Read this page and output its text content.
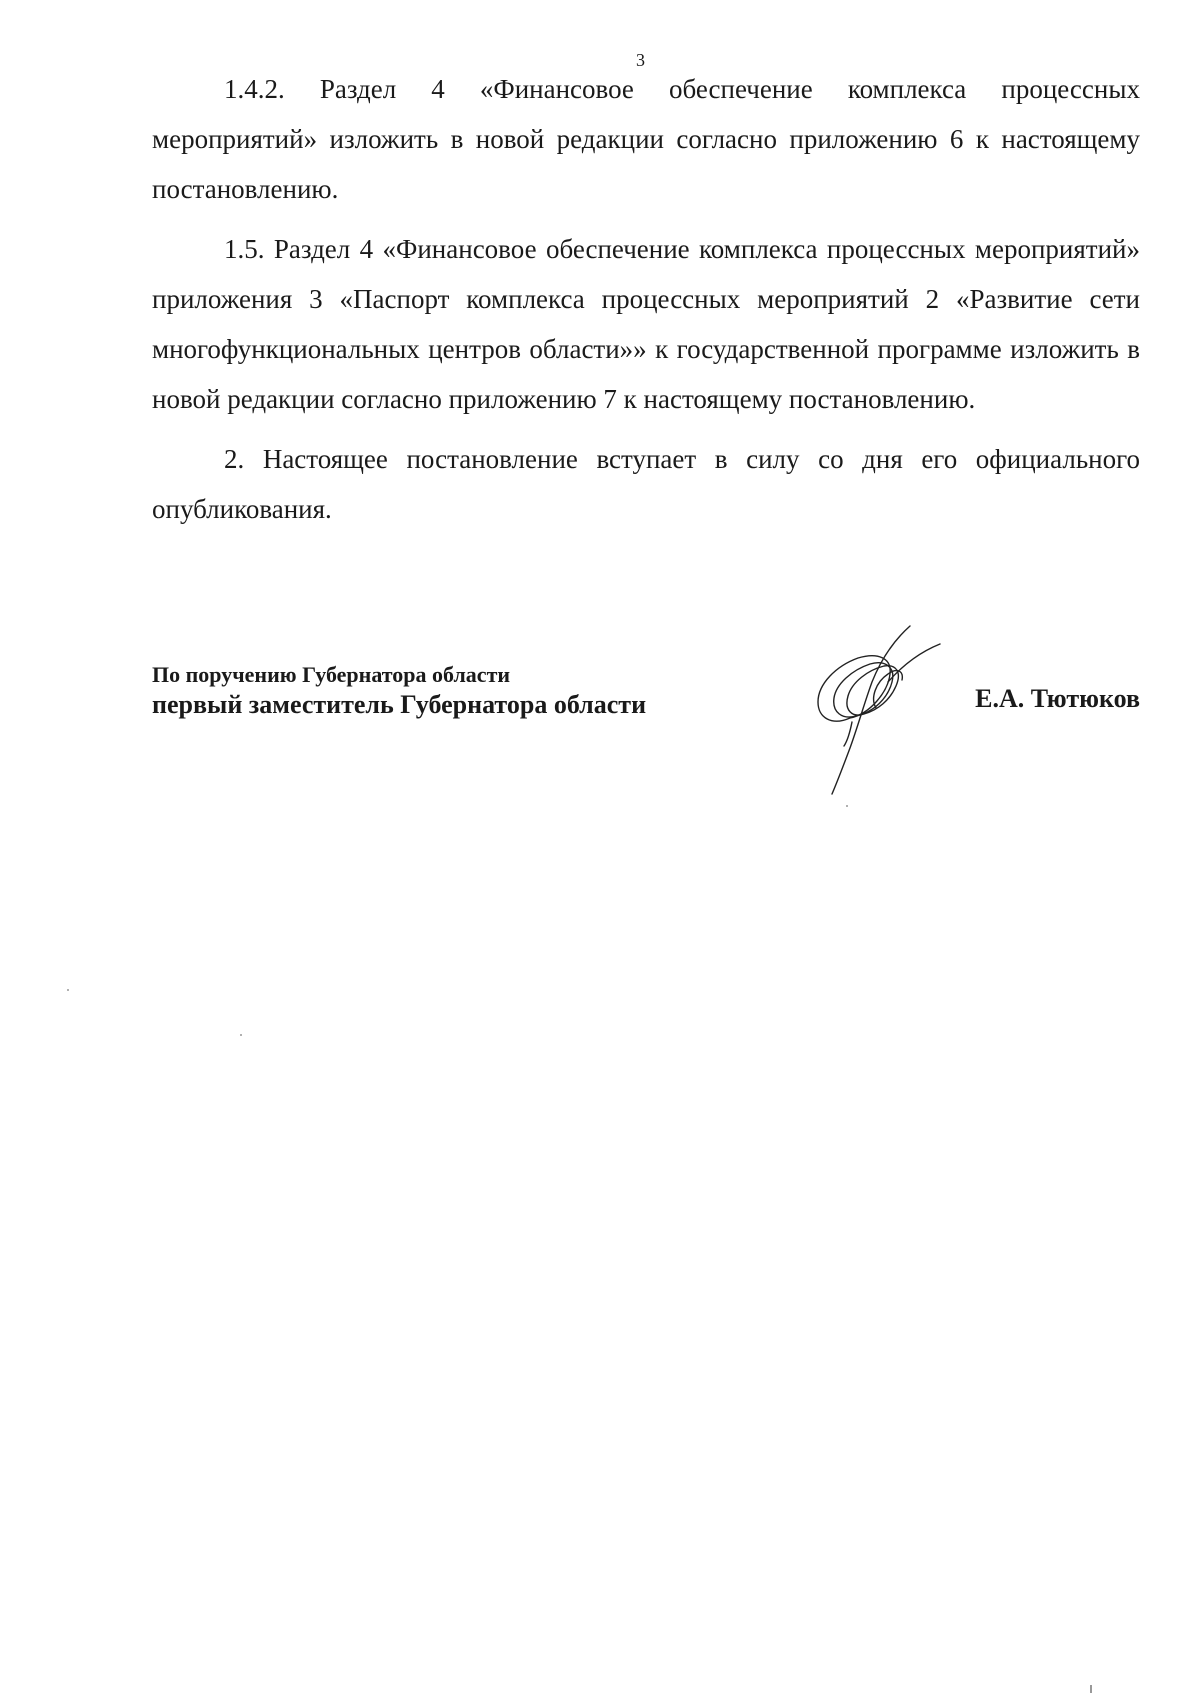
3

1.4.2. Раздел 4 «Финансовое обеспечение комплекса процессных мероприятий» изложить в новой редакции согласно приложению 6 к настоящему постановлению.

1.5. Раздел 4 «Финансовое обеспечение комплекса процессных мероприятий» приложения 3 «Паспорт комплекса процессных мероприятий 2 «Развитие сети многофункциональных центров области»» к государственной программе изложить в новой редакции согласно приложению 7 к настоящему постановлению.

2. Настоящее постановление вступает в силу со дня его официального опубликования.

По поручению Губернатора области
первый заместитель Губернатора области	Е.А. Тютюков
